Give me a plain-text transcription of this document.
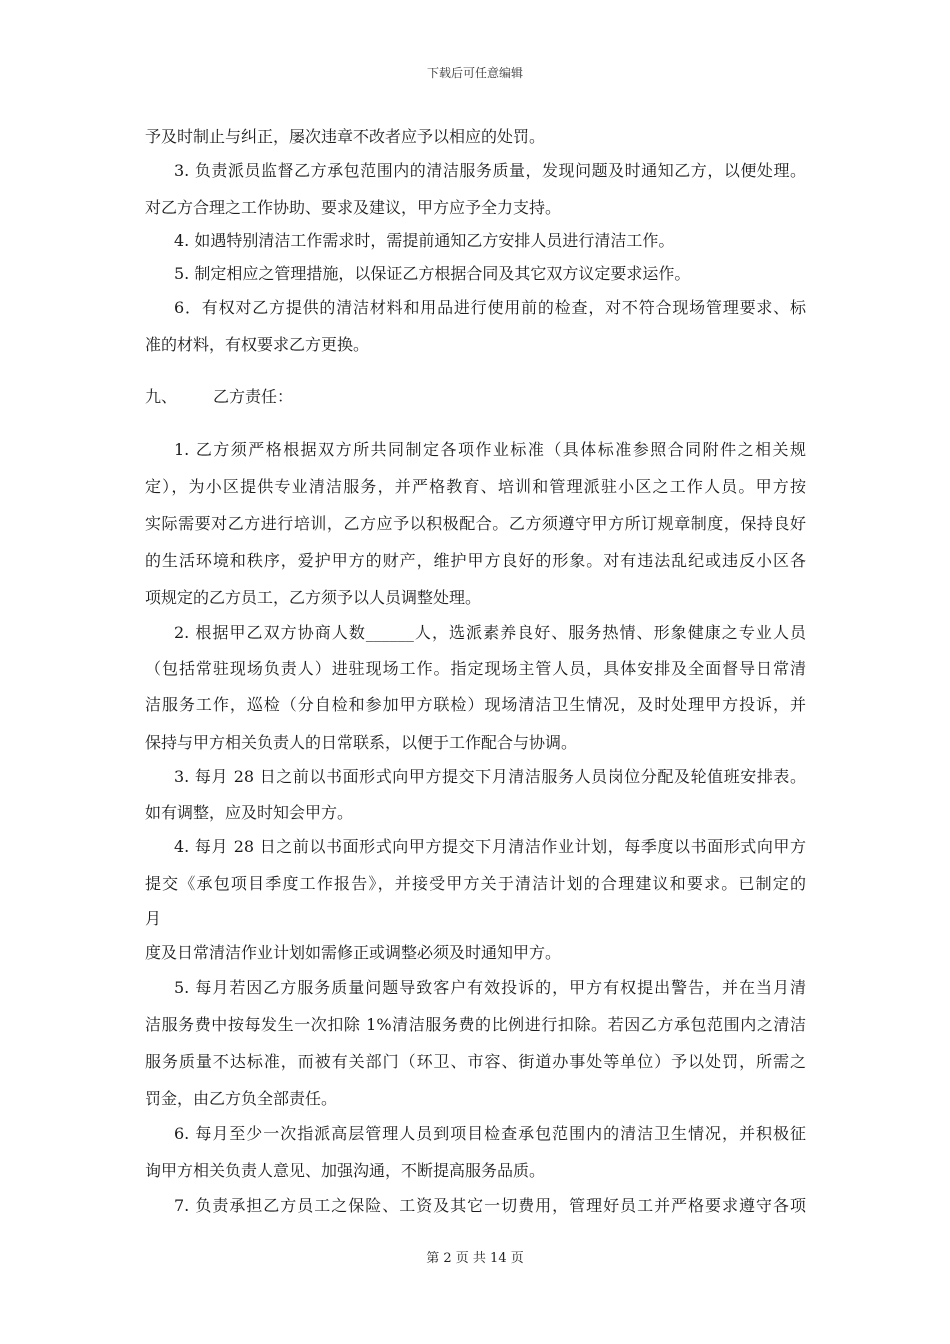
下载后可任意编辑
予及时制止与纠正，屡次违章不改者应予以相应的处罚。
3. 负责派员监督乙方承包范围内的清洁服务质量，发现问题及时通知乙方，以便处理。
对乙方合理之工作协助、要求及建议，甲方应予全力支持。
4. 如遇特别清洁工作需求时，需提前通知乙方安排人员进行清洁工作。
5. 制定相应之管理措施，以保证乙方根据合同及其它双方议定要求运作。
6．有权对乙方提供的清洁材料和用品进行使用前的检查，对不符合现场管理要求、标
准的材料，有权要求乙方更换。
九、 乙方责任：
1. 乙方须严格根据双方所共同制定各项作业标准（具体标准参照合同附件之相关规
定），为小区提供专业清洁服务，并严格教育、培训和管理派驻小区之工作人员。甲方按
实际需要对乙方进行培训，乙方应予以积极配合。乙方须遵守甲方所订规章制度，保持良好
的生活环境和秩序，爱护甲方的财产，维护甲方良好的形象。对有违法乱纪或违反小区各
项规定的乙方员工，乙方须予以人员调整处理。
2. 根据甲乙双方协商人数______人，选派素养良好、服务热情、形象健康之专业人员
（包括常驻现场负责人）进驻现场工作。指定现场主管人员，具体安排及全面督导日常清
洁服务工作，巡检（分自检和参加甲方联检）现场清洁卫生情况，及时处理甲方投诉，并
保持与甲方相关负责人的日常联系，以便于工作配合与协调。
3. 每月 28 日之前以书面形式向甲方提交下月清洁服务人员岗位分配及轮值班安排表。
如有调整，应及时知会甲方。
4. 每月 28 日之前以书面形式向甲方提交下月清洁作业计划，每季度以书面形式向甲方
提交《承包项目季度工作报告》，并接受甲方关于清洁计划的合理建议和要求。已制定的
月
度及日常清洁作业计划如需修正或调整必须及时通知甲方。
5. 每月若因乙方服务质量问题导致客户有效投诉的，甲方有权提出警告，并在当月清
洁服务费中按每发生一次扣除 1%清洁服务费的比例进行扣除。若因乙方承包范围内之清洁
服务质量不达标准，而被有关部门（环卫、市容、街道办事处等单位）予以处罚，所需之
罚金，由乙方负全部责任。
6. 每月至少一次指派高层管理人员到项目检查承包范围内的清洁卫生情况，并积极征
询甲方相关负责人意见、加强沟通，不断提高服务品质。
7. 负责承担乙方员工之保险、工资及其它一切费用，管理好员工并严格要求遵守各项
第 2 页 共 14 页
